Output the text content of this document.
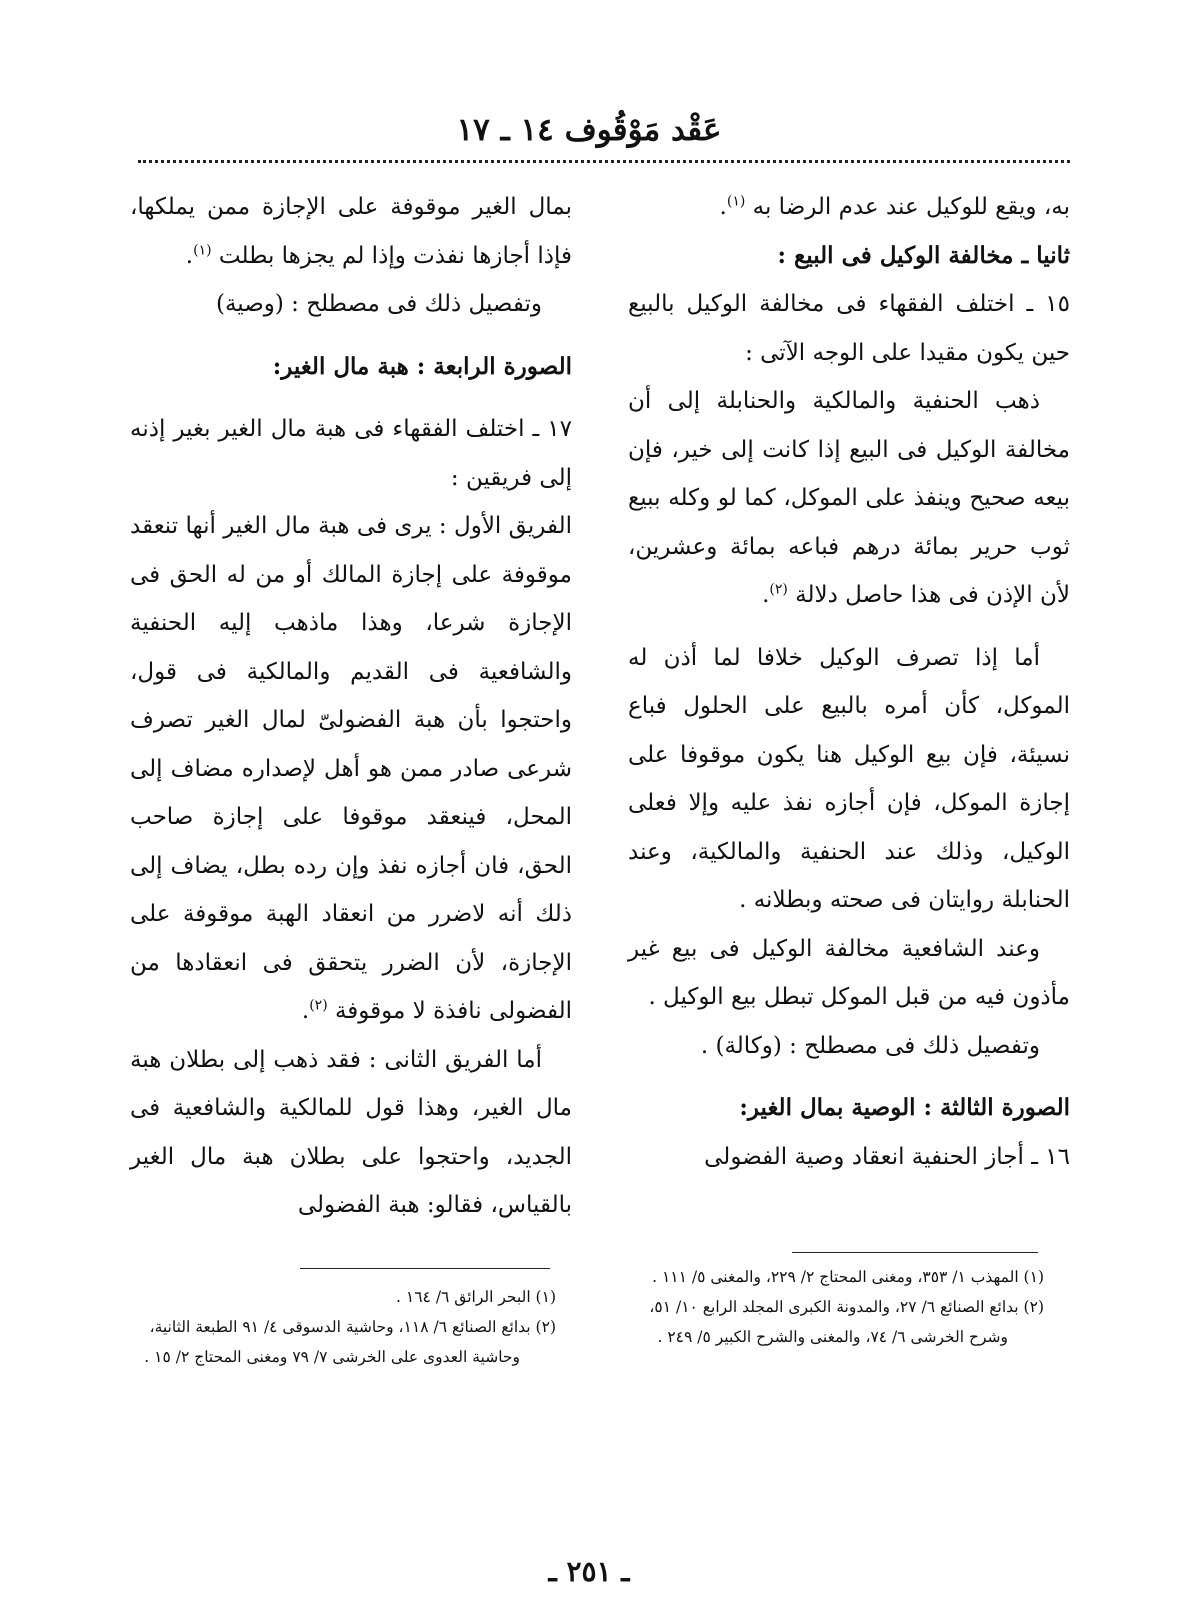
عَقْد مَوْقُوف ١٤ ـ ١٧

به، ويقع للوكيل عند عدم الرضا به $^{(١)}$.

ثانيا ـ مخالفة الوكيل فى البيع :

١٥ ـ اختلف الفقهاء فى مخالفة الوكيل بالبيع حين يكون مقيدا على الوجه الآتى :

ذهب الحنفية والمالكية والحنابلة إلى أن مخالفة الوكيل فى البيع إذا كانت إلى خير، فإن بيعه صحيح وينفذ على الموكل، كما لو وكله ببيع ثوب حرير بمائة درهم فباعه بمائة وعشرين، لأن الإذن فى هذا حاصل دلالة $^{(٢)}$.

أما إذا تصرف الوكيل خلافا لما أذن له الموكل، كأن أمره بالبيع على الحلول فباع نسيئة، فإن بيع الوكيل هنا يكون موقوفا على إجازة الموكل، فإن أجازه نفذ عليه وإلا فعلى الوكيل، وذلك عند الحنفية والمالكية، وعند الحنابلة روايتان فى صحته وبطلانه .

وعند الشافعية مخالفة الوكيل فى بيع غير مأذون فيه من قبل الموكل تبطل بيع الوكيل .

وتفصيل ذلك فى مصطلح : (وكالة) .

الصورة الثالثة : الوصية بمال الغير:

١٦ ـ أجاز الحنفية انعقاد وصية الفضولى

بمال الغير موقوفة على الإجازة ممن يملكها، فإذا أجازها نفذت وإذا لم يجزها بطلت $^{(١)}$.

وتفصيل ذلك فى مصطلح : (وصية)

الصورة الرابعة : هبة مال الغير:

١٧ ـ اختلف الفقهاء فى هبة مال الغير بغير إذنه إلى فريقين :

الفريق الأول : يرى فى هبة مال الغير أنها تنعقد موقوفة على إجازة المالك أو من له الحق فى الإجازة شرعا، وهذا ماذهب إليه الحنفية والشافعية فى القديم والمالكية فى قول، واحتجوا بأن هبة الفضولىّ لمال الغير تصرف شرعى صادر ممن هو أهل لإصداره مضاف إلى المحل، فينعقد موقوفا على إجازة صاحب الحق، فان أجازه نفذ وإن رده بطل، يضاف إلى ذلك أنه لاضرر من انعقاد الهبة موقوفة على الإجازة، لأن الضرر يتحقق فى انعقادها من الفضولى نافذة لا موقوفة $^{(٢)}$.

أما الفريق الثانى : فقد ذهب إلى بطلان هبة مال الغير، وهذا قول للمالكية والشافعية فى الجديد، واحتجوا على بطلان هبة مال الغير بالقياس، فقالو: هبة الفضولى

(١) المهذب ١/ ٣٥٣، ومغنى المحتاج ٢/ ٢٢٩، والمغنى ٥/ ١١١ .

(٢) بدائع الصنائع ٦/ ٢٧، والمدونة الكبرى المجلد الرابع ١٠/ ٥١، وشرح الخرشى ٦/ ٧٤، والمغنى والشرح الكبير ٥/ ٢٤٩ .

(١) البحر الرائق ٦/ ١٦٤ .

(٢) بدائع الصنائع ٦/ ١١٨، وحاشية الدسوقى ٤/ ٩١ الطبعة الثانية، وحاشية العدوى على الخرشى ٧/ ٧٩ ومغنى المحتاج ٢/ ١٥ .

ـ ٢٥١ ـ
